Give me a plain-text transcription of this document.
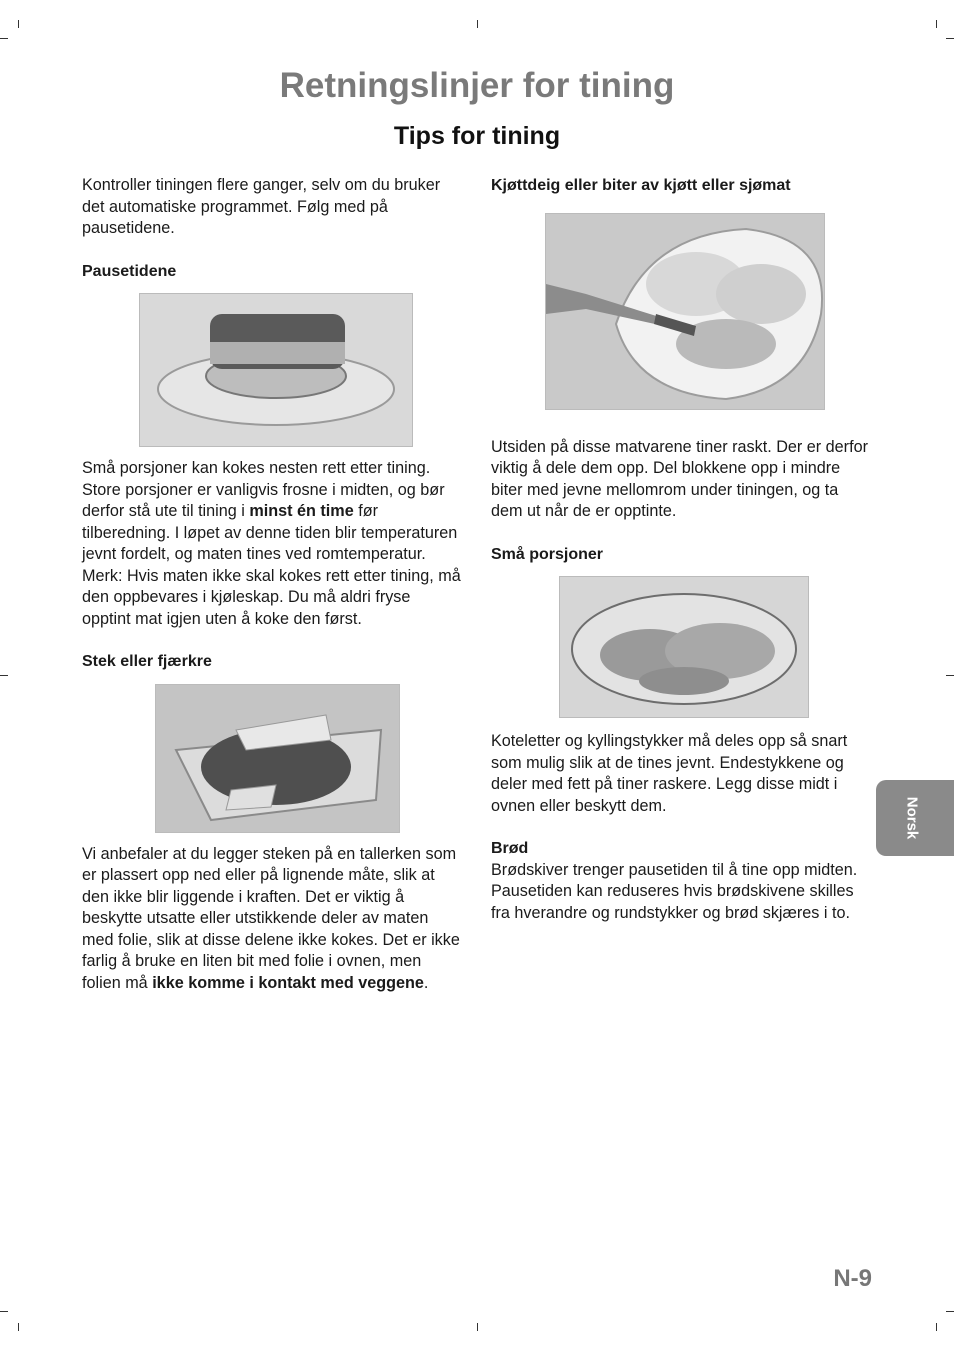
Retningslinjer for tining
Tips for tining

Kontroller tiningen flere ganger, selv om du bruker det automatiske programmet. Følg med på pausetidene.

Pausetidene

Små porsjoner kan kokes nesten rett etter tining. Store porsjoner er vanligvis frosne i midten, og bør derfor stå ute til tining i minst én time før tilberedning. I løpet av denne tiden blir temperaturen jevnt fordelt, og maten tines ved romtemperatur. Merk: Hvis maten ikke skal kokes rett etter tining, må den oppbevares i kjøleskap. Du må aldri fryse opptint mat igjen uten å koke den først.

Stek eller fjærkre

Vi anbefaler at du legger steken på en tallerken som er plassert opp ned eller på lignende måte, slik at den ikke blir liggende i kraften. Det er viktig å beskytte utsatte eller utstikkende deler av maten med folie, slik at disse delene ikke kokes. Det er ikke farlig å bruke en liten bit med folie i ovnen, men folien må ikke komme i kontakt med veggene.

Kjøttdeig eller biter av kjøtt eller sjømat

Utsiden på disse matvarene tiner raskt. Der er derfor viktig å dele dem opp. Del blokkene opp i mindre biter med jevne mellomrom under tiningen, og ta dem ut når de er opptinte.

Små porsjoner

Koteletter og kyllingstykker må deles opp så snart som mulig slik at de tines jevnt. Endestykkene og deler med fett på tiner raskere. Legg disse midt i ovnen eller beskytt dem.

Brød

Brødskiver trenger pausetiden til å tine opp midten. Pausetiden kan reduseres hvis brødskivene skilles fra hverandre og rundstykker og brød skjæres i to.

Norsk
N-9
